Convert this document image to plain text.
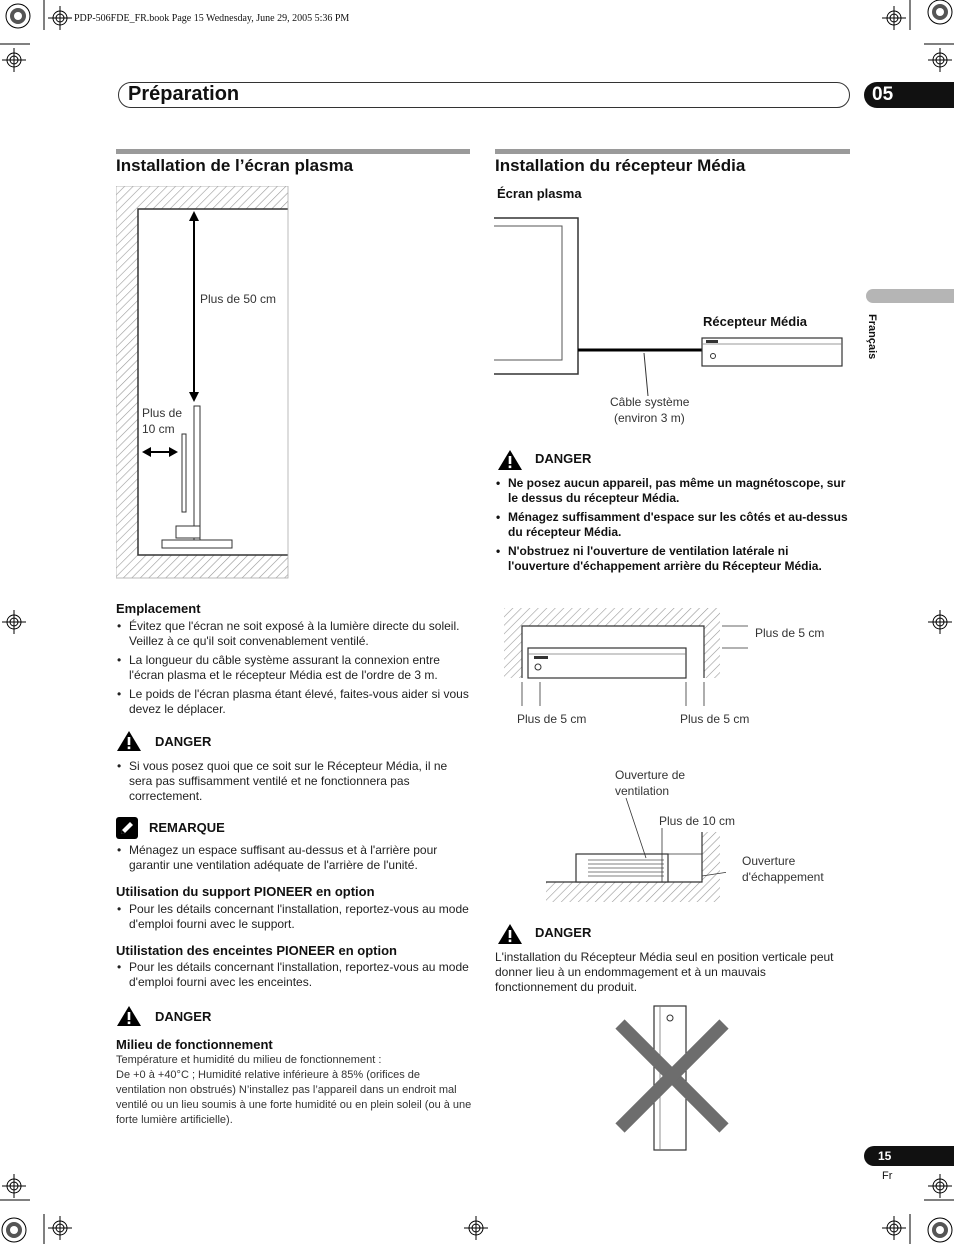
PDP-506FDE_FR.book Page 15 Wednesday, June 29, 2005 5:36 PM
Préparation	05
Français
Installation de l’écran plasma
Plus de 50 cm
Plus de
10 cm
Emplacement
• Évitez que l'écran ne soit exposé à la lumière directe du soleil. Veillez à ce qu'il soit convenablement ventilé.
• La longueur du câble système assurant la connexion entre l'écran plasma et le récepteur Média est de l'ordre de 3 m.
• Le poids de l'écran plasma étant élevé, faites-vous aider si vous devez le déplacer.
DANGER
• Si vous posez quoi que ce soit sur le Récepteur Média, il ne sera pas suffisamment ventilé et ne fonctionnera pas correctement.
REMARQUE
• Ménagez un espace suffisant au-dessus et à l'arrière pour garantir une ventilation adéquate de l'arrière de l'unité.
Utilisation du support PIONEER en option
• Pour les détails concernant l'installation, reportez-vous au mode d'emploi fourni avec le support.
Utilistation des enceintes PIONEER en option
• Pour les détails concernant l'installation, reportez-vous au mode d'emploi fourni avec les enceintes.
DANGER
Milieu de fonctionnement
Température et humidité du milieu de fonctionnement :
De +0 à +40°C ; Humidité relative inférieure à 85% (orifices de ventilation non obstrués) N’installez pas l’appareil dans un endroit mal ventilé ou un lieu soumis à une forte humidité ou en plein soleil (ou à une forte lumière artificielle).
Installation du récepteur Média
Écran plasma
Récepteur Média
Câble système
(environ 3 m)
DANGER
• Ne posez aucun appareil, pas même un magnétoscope, sur le dessus du récepteur Média.
• Ménagez suffisamment d'espace sur les côtés et au-dessus du récepteur Média.
• N'obstruez ni l'ouverture de ventilation latérale ni l'ouverture d'échappement arrière du Récepteur Média.
Plus de 5 cm
Plus de 5 cm	Plus de 5 cm
Ouverture de
ventilation
Plus de 10 cm
Ouverture
d'échappement
DANGER
L'installation du Récepteur Média seul en position verticale peut donner lieu à un endommagement et à un mauvais fonctionnement du produit.
15
Fr
